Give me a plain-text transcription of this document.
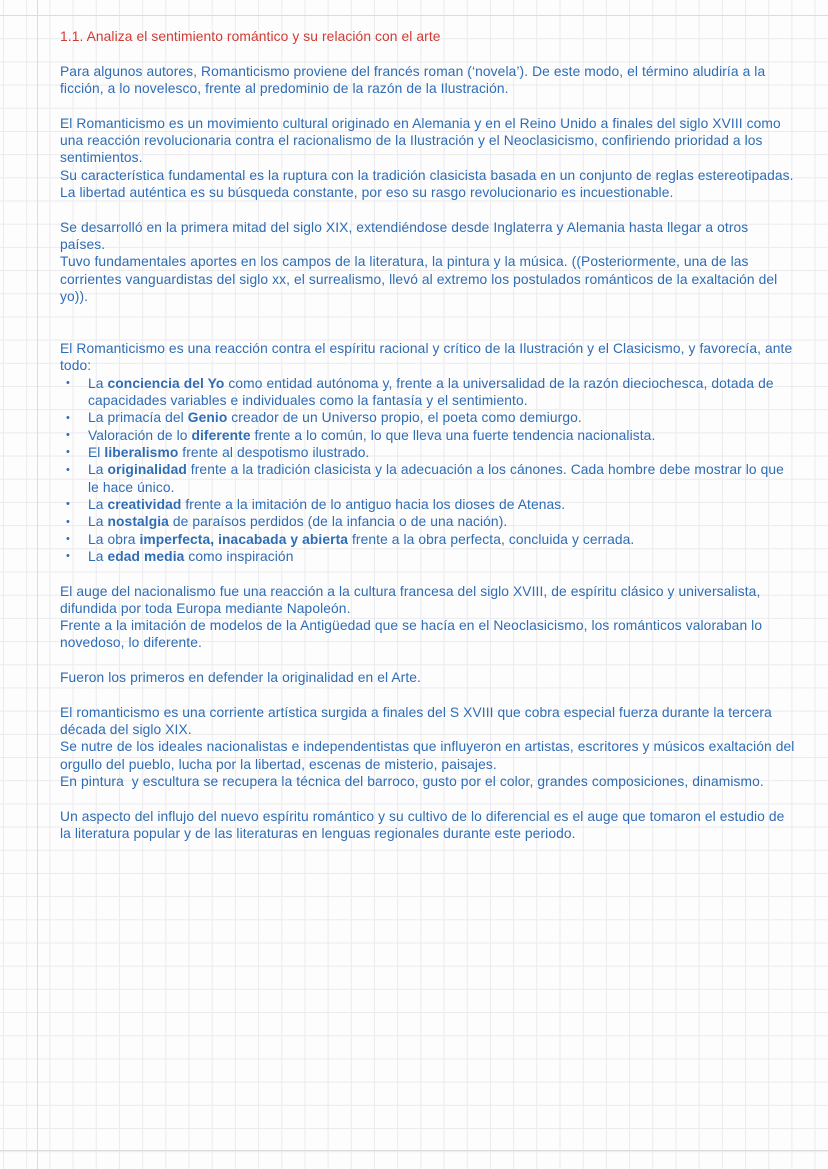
1.1. Analiza el sentimiento romántico y su relación con el arte
Para algunos autores, Romanticismo proviene del francés roman (‘novela’). De este modo, el término aludiría a la ficción, a lo novelesco, frente al predominio de la razón de la Ilustración.
El Romanticismo es un movimiento cultural originado en Alemania y en el Reino Unido a finales del siglo XVIII como una reacción revolucionaria contra el racionalismo de la Ilustración y el Neoclasicismo, confiriendo prioridad a los sentimientos.
Su característica fundamental es la ruptura con la tradición clasicista basada en un conjunto de reglas estereotipadas.
La libertad auténtica es su búsqueda constante, por eso su rasgo revolucionario es incuestionable.
Se desarrolló en la primera mitad del siglo XIX, extendiéndose desde Inglaterra y Alemania hasta llegar a otros países.
Tuvo fundamentales aportes en los campos de la literatura, la pintura y la música. ((Posteriormente, una de las corrientes vanguardistas del siglo xx, el surrealismo, llevó al extremo los postulados románticos de la exaltación del yo)).
El Romanticismo es una reacción contra el espíritu racional y crítico de la Ilustración y el Clasicismo, y favorecía, ante todo:
• La conciencia del Yo como entidad autónoma y, frente a la universalidad de la razón dieciochesca, dotada de capacidades variables e individuales como la fantasía y el sentimiento.
• La primacía del Genio creador de un Universo propio, el poeta como demiurgo.
• Valoración de lo diferente frente a lo común, lo que lleva una fuerte tendencia nacionalista.
• El liberalismo frente al despotismo ilustrado.
• La originalidad frente a la tradición clasicista y la adecuación a los cánones. Cada hombre debe mostrar lo que le hace único.
• La creatividad frente a la imitación de lo antiguo hacia los dioses de Atenas.
• La nostalgia de paraísos perdidos (de la infancia o de una nación).
• La obra imperfecta, inacabada y abierta frente a la obra perfecta, concluida y cerrada.
• La edad media como inspiración
El auge del nacionalismo fue una reacción a la cultura francesa del siglo XVIII, de espíritu clásico y universalista, difundida por toda Europa mediante Napoleón.
Frente a la imitación de modelos de la Antigüedad que se hacía en el Neoclasicismo, los románticos valoraban lo novedoso, lo diferente.
Fueron los primeros en defender la originalidad en el Arte.
El romanticismo es una corriente artística surgida a finales del S XVIII que cobra especial fuerza durante la tercera década del siglo XIX.
Se nutre de los ideales nacionalistas e independentistas que influyeron en artistas, escritores y músicos exaltación del orgullo del pueblo, lucha por la libertad, escenas de misterio, paisajes.
En pintura  y escultura se recupera la técnica del barroco, gusto por el color, grandes composiciones, dinamismo.
Un aspecto del influjo del nuevo espíritu romántico y su cultivo de lo diferencial es el auge que tomaron el estudio de la literatura popular y de las literaturas en lenguas regionales durante este periodo.
